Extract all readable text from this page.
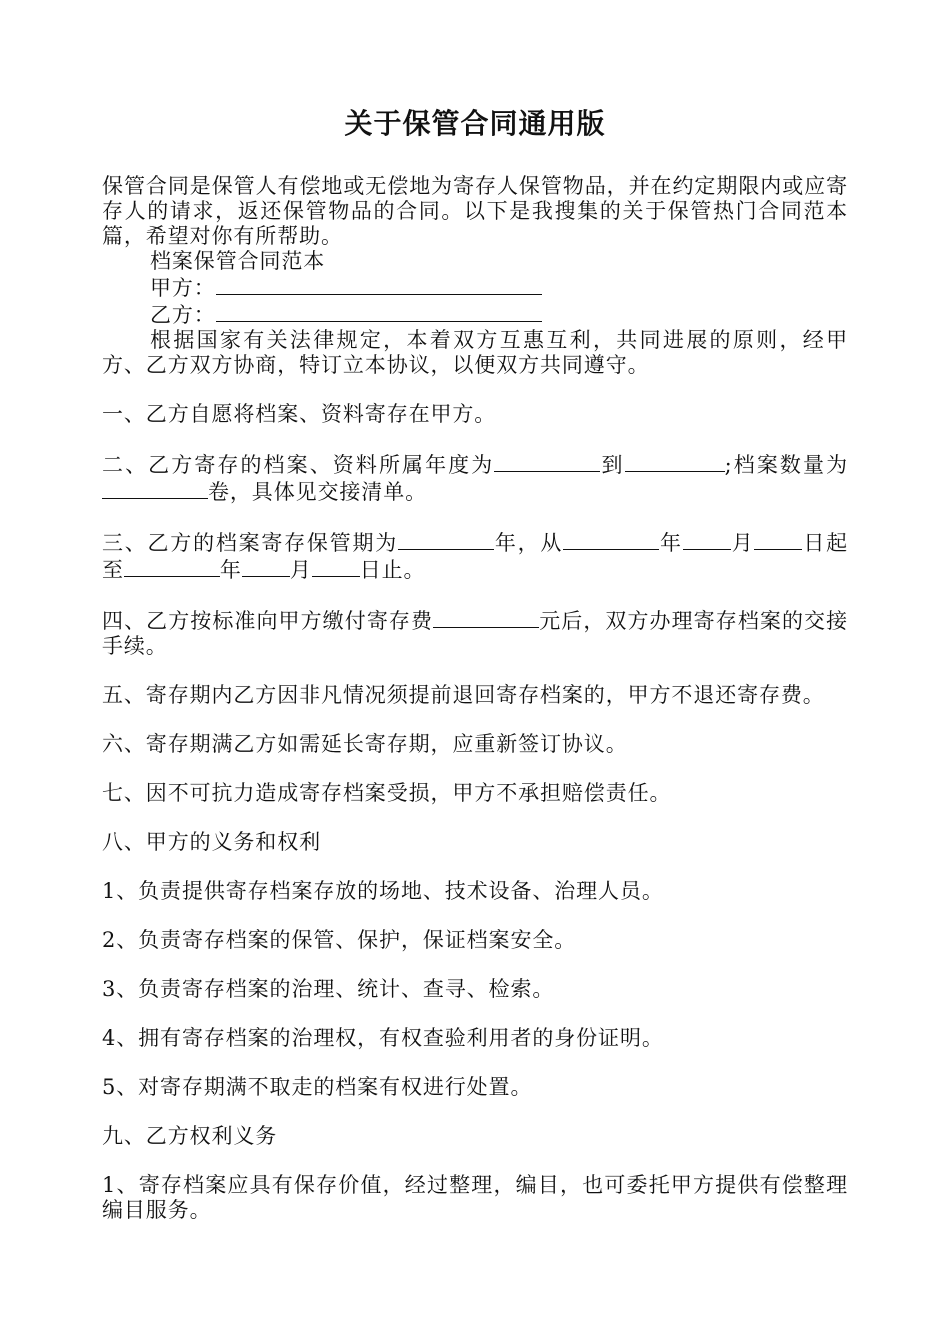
关于保管合同通用版

保管合同是保管人有偿地或无偿地为寄存人保管物品，并在约定期限内或应寄存人的请求，返还保管物品的合同。以下是我搜集的关于保管热门合同范本篇，希望对你有所帮助。

档案保管合同范本

甲方：

乙方：

根据国家有关法律规定，本着双方互惠互利，共同进展的原则，经甲方、乙方双方协商，特订立本协议，以便双方共同遵守。

一、乙方自愿将档案、资料寄存在甲方。

二、乙方寄存的档案、资料所属年度为	到	;档案数量为卷，具体见交接清单。

三、乙方的档案寄存保管期为	年，从	年 月 日起至	年 月 日止。

四、乙方按标准向甲方缴付寄存费	元后，双方办理寄存档案的交接手续。

五、寄存期内乙方因非凡情况须提前退回寄存档案的，甲方不退还寄存费。

六、寄存期满乙方如需延长寄存期，应重新签订协议。

七、因不可抗力造成寄存档案受损，甲方不承担赔偿责任。

八、甲方的义务和权利

1、负责提供寄存档案存放的场地、技术设备、治理人员。

2、负责寄存档案的保管、保护，保证档案安全。

3、负责寄存档案的治理、统计、查寻、检索。

4、拥有寄存档案的治理权，有权查验利用者的身份证明。

5、对寄存期满不取走的档案有权进行处置。

九、乙方权利义务

1、寄存档案应具有保存价值，经过整理，编目，也可委托甲方提供有偿整理编目服务。
